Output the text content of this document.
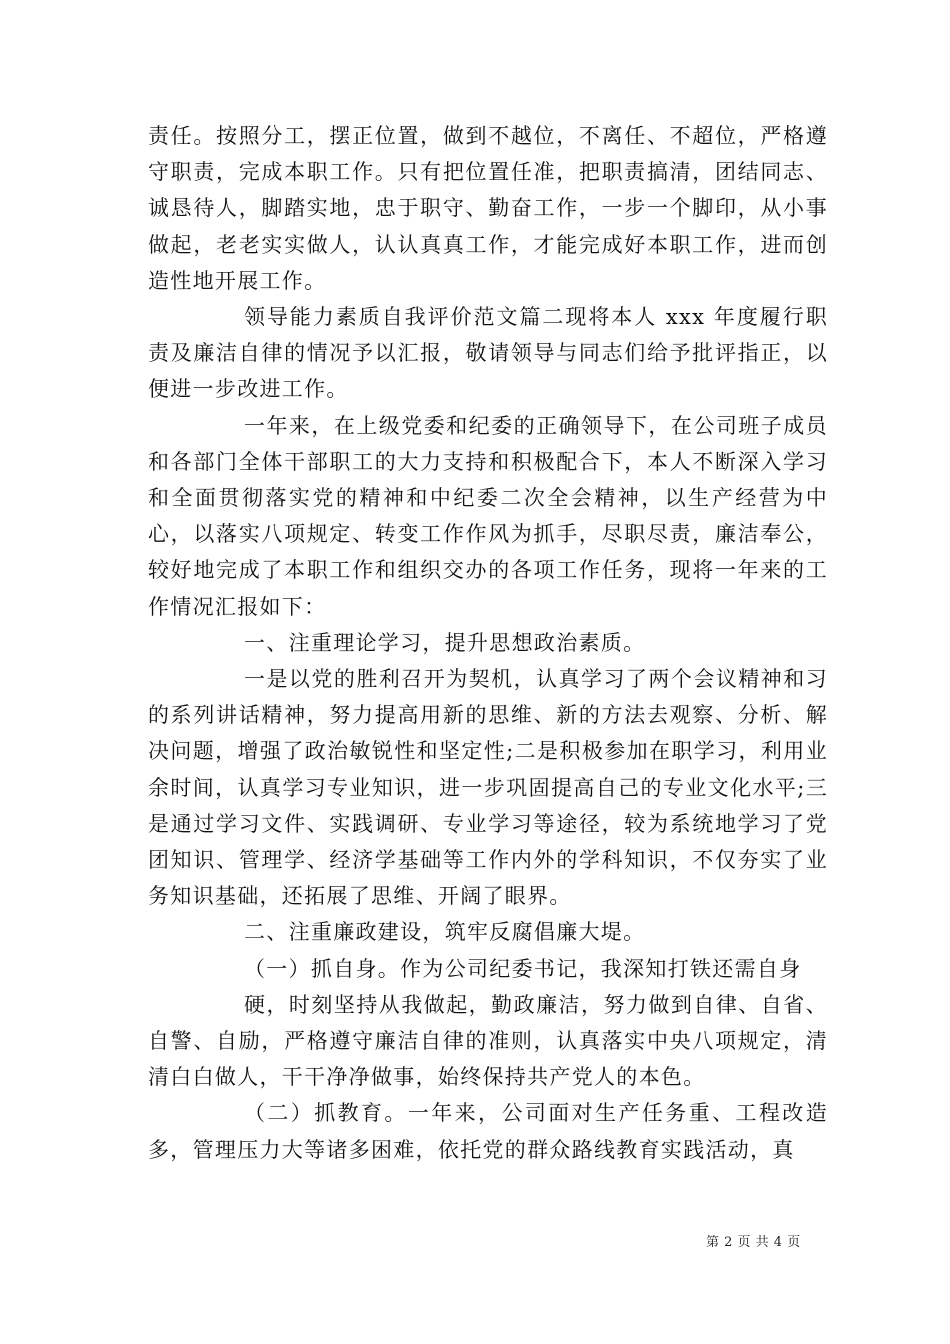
责任。按照分工，摆正位置，做到不越位，不离任、不超位，严格遵守职责，完成本职工作。只有把位置任准，把职责搞清，团结同志、诚恳待人，脚踏实地，忠于职守、勤奋工作，一步一个脚印，从小事做起，老老实实做人，认认真真工作，才能完成好本职工作，进而创造性地开展工作。

领导能力素质自我评价范文篇二现将本人 xxx 年度履行职责及廉洁自律的情况予以汇报，敬请领导与同志们给予批评指正，以便进一步改进工作。

一年来，在上级党委和纪委的正确领导下，在公司班子成员和各部门全体干部职工的大力支持和积极配合下，本人不断深入学习和全面贯彻落实党的精神和中纪委二次全会精神，以生产经营为中心，以落实八项规定、转变工作作风为抓手，尽职尽责，廉洁奉公，较好地完成了本职工作和组织交办的各项工作任务，现将一年来的工作情况汇报如下：

一、注重理论学习，提升思想政治素质。

一是以党的胜利召开为契机，认真学习了两个会议精神和习的系列讲话精神，努力提高用新的思维、新的方法去观察、分析、解决问题，增强了政治敏锐性和坚定性;二是积极参加在职学习，利用业余时间，认真学习专业知识，进一步巩固提高自己的专业文化水平;三是通过学习文件、实践调研、专业学习等途径，较为系统地学习了党团知识、管理学、经济学基础等工作内外的学科知识，不仅夯实了业务知识基础，还拓展了思维、开阔了眼界。

二、注重廉政建设，筑牢反腐倡廉大堤。

（一）抓自身。作为公司纪委书记，我深知打铁还需自身

硬，时刻坚持从我做起，勤政廉洁，努力做到自律、自省、自警、自励，严格遵守廉洁自律的准则，认真落实中央八项规定，清清白白做人，干干净净做事，始终保持共产党人的本色。

（二）抓教育。一年来，公司面对生产任务重、工程改造多，管理压力大等诸多困难，依托党的群众路线教育实践活动，真

第 2 页 共 4 页
